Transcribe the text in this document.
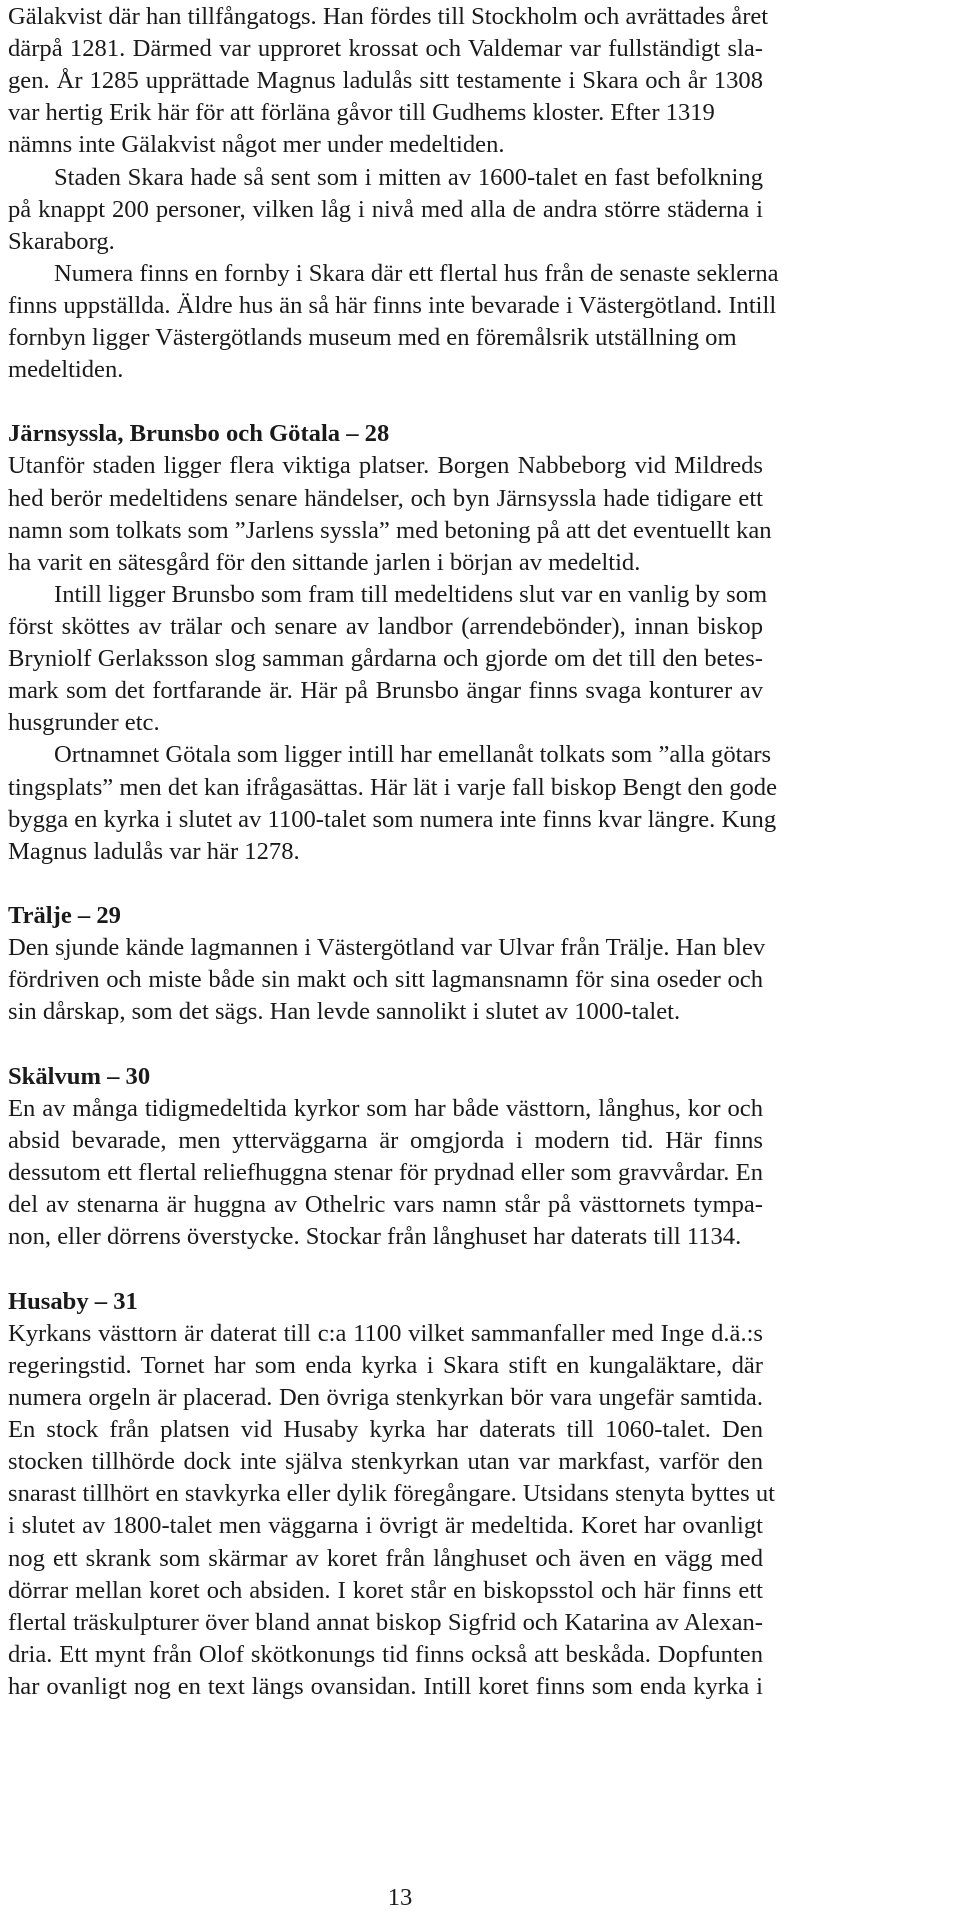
Gälakvist där han tillfångatogs. Han fördes till Stockholm och avrättades året
därpå 1281. Därmed var upproret krossat och Valdemar var fullständigt sla-
gen. År 1285 upprättade Magnus ladulås sitt testamente i Skara och år 1308
var hertig Erik här för att förläna gåvor till Gudhems kloster. Efter 1319
nämns inte Gälakvist något mer under medeltiden.
Staden Skara hade så sent som i mitten av 1600-talet en fast befolkning
på knappt 200 personer, vilken låg i nivå med alla de andra större städerna i
Skaraborg.
Numera finns en fornby i Skara där ett flertal hus från de senaste seklerna
finns uppställda. Äldre hus än så här finns inte bevarade i Västergötland. Intill
fornbyn ligger Västergötlands museum med en föremålsrik utställning om
medeltiden.
Järnsyssla, Brunsbo och Götala – 28
Utanför staden ligger flera viktiga platser. Borgen Nabbeborg vid Mildreds
hed berör medeltidens senare händelser, och byn Järnsyssla hade tidigare ett
namn som tolkats som ”Jarlens syssla” med betoning på att det eventuellt kan
ha varit en sätesgård för den sittande jarlen i början av medeltid.
Intill ligger Brunsbo som fram till medeltidens slut var en vanlig by som
först sköttes av trälar och senare av landbor (arrendebönder), innan biskop
Bryniolf Gerlaksson slog samman gårdarna och gjorde om det till den betes-
mark som det fortfarande är. Här på Brunsbo ängar finns svaga konturer av
husgrunder etc.
Ortnamnet Götala som ligger intill har emellanåt tolkats som ”alla götars
tingsplats” men det kan ifrågasättas. Här lät i varje fall biskop Bengt den gode
bygga en kyrka i slutet av 1100-talet som numera inte finns kvar längre. Kung
Magnus ladulås var här 1278.
Trälje – 29
Den sjunde kände lagmannen i Västergötland var Ulvar från Trälje. Han blev
fördriven och miste både sin makt och sitt lagmansnamn för sina oseder och
sin dårskap, som det sägs. Han levde sannolikt i slutet av 1000-talet.
Skälvum – 30
En av många tidigmedeltida kyrkor som har både västtorn, långhus, kor och
absid bevarade, men ytterväggarna är omgjorda i modern tid. Här finns
dessutom ett flertal reliefhuggna stenar för prydnad eller som gravvårdar. En
del av stenarna är huggna av Othelric vars namn står på västtornets tympa-
non, eller dörrens överstycke. Stockar från långhuset har daterats till 1134.
Husaby – 31
Kyrkans västtorn är daterat till c:a 1100 vilket sammanfaller med Inge d.ä.:s
regeringstid. Tornet har som enda kyrka i Skara stift en kungaläktare, där
numera orgeln är placerad. Den övriga stenkyrkan bör vara ungefär samtida.
En stock från platsen vid Husaby kyrka har daterats till 1060-talet. Den
stocken tillhörde dock inte själva stenkyrkan utan var markfast, varför den
snarast tillhört en stavkyrka eller dylik föregångare. Utsidans stenyta byttes ut
i slutet av 1800-talet men väggarna i övrigt är medeltida. Koret har ovanligt
nog ett skrank som skärmar av koret från långhuset och även en vägg med
dörrar mellan koret och absiden. I koret står en biskopsstol och här finns ett
flertal träskulpturer över bland annat biskop Sigfrid och Katarina av Alexan-
dria. Ett mynt från Olof skötkonungs tid finns också att beskåda. Dopfunten
har ovanligt nog en text längs ovansidan. Intill koret finns som enda kyrka i
13
